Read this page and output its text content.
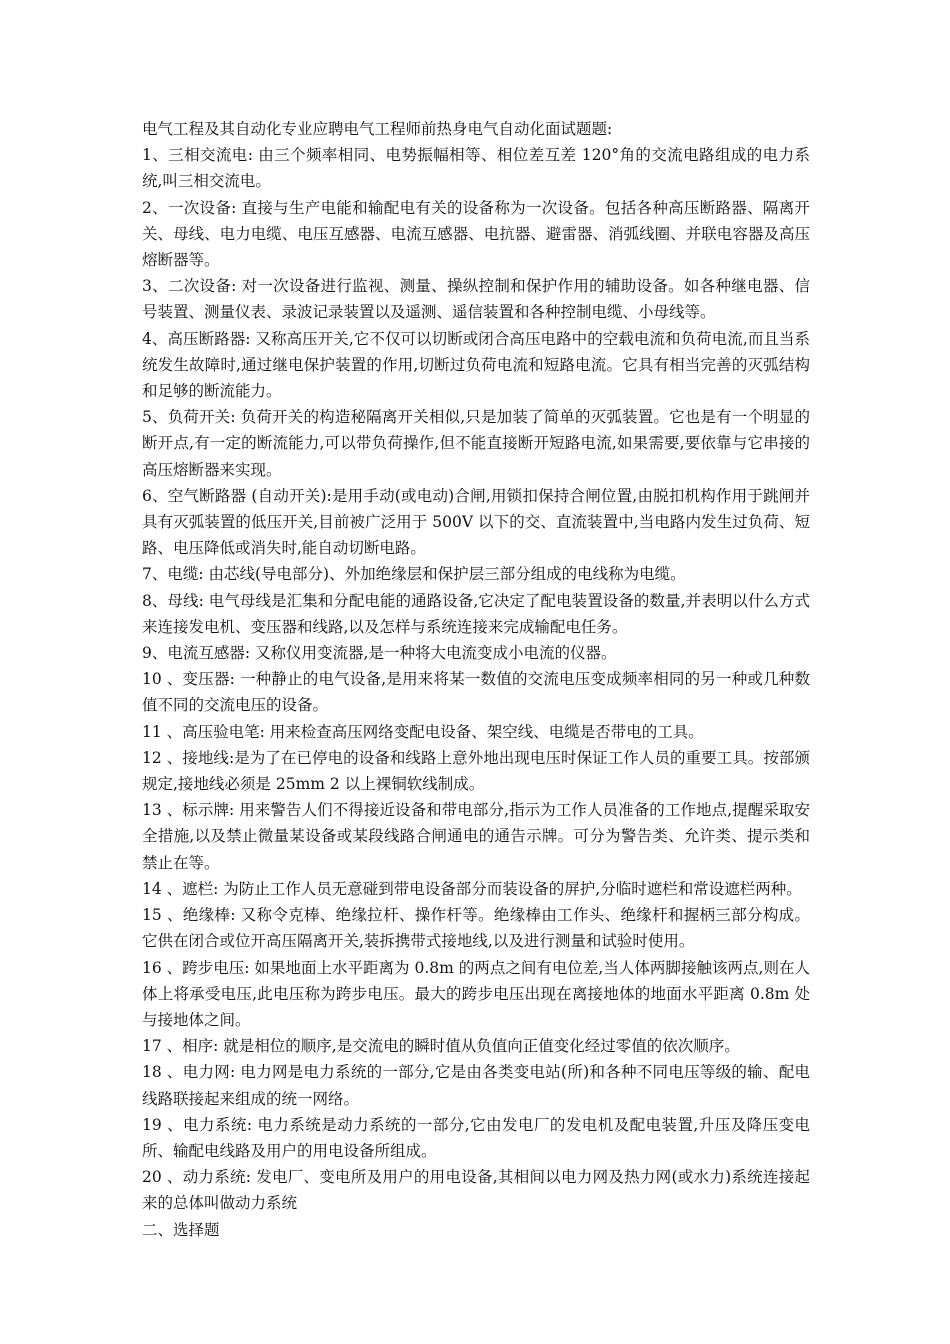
电气工程及其自动化专业应聘电气工程师前热身电气自动化面试题题:

1、三相交流电: 由三个频率相同、电势振幅相等、相位差互差 120°角的交流电路组成的电力系统,叫三相交流电。

2、一次设备: 直接与生产电能和输配电有关的设备称为一次设备。包括各种高压断路器、隔离开关、母线、电力电缆、电压互感器、电流互感器、电抗器、避雷器、消弧线圈、并联电容器及高压熔断器等。

3、二次设备: 对一次设备进行监视、测量、操纵控制和保护作用的辅助设备。如各种继电器、信号装置、测量仪表、录波记录装置以及遥测、遥信装置和各种控制电缆、小母线等。

4、高压断路器: 又称高压开关,它不仅可以切断或闭合高压电路中的空载电流和负荷电流,而且当系统发生故障时,通过继电保护装置的作用,切断过负荷电流和短路电流。它具有相当完善的灭弧结构和足够的断流能力。

5、负荷开关: 负荷开关的构造秘隔离开关相似,只是加装了简单的灭弧装置。它也是有一个明显的断开点,有一定的断流能力,可以带负荷操作,但不能直接断开短路电流,如果需要,要依靠与它串接的高压熔断器来实现。

6、空气断路器 (自动开关):是用手动(或电动)合闸,用锁扣保持合闸位置,由脱扣机构作用于跳闸并具有灭弧装置的低压开关,目前被广泛用于 500V 以下的交、直流装置中,当电路内发生过负荷、短路、电压降低或消失时,能自动切断电路。

7、电缆: 由芯线(导电部分)、外加绝缘层和保护层三部分组成的电线称为电缆。

8、母线: 电气母线是汇集和分配电能的通路设备,它决定了配电装置设备的数量,并表明以什么方式来连接发电机、变压器和线路,以及怎样与系统连接来完成输配电任务。

9、电流互感器: 又称仪用变流器,是一种将大电流变成小电流的仪器。

10 、变压器: 一种静止的电气设备,是用来将某一数值的交流电压变成频率相同的另一种或几种数值不同的交流电压的设备。

11 、高压验电笔: 用来检查高压网络变配电设备、架空线、电缆是否带电的工具。

12 、接地线:是为了在已停电的设备和线路上意外地出现电压时保证工作人员的重要工具。按部颁规定,接地线必须是 25mm 2 以上裸铜软线制成。

13 、标示牌: 用来警告人们不得接近设备和带电部分,指示为工作人员准备的工作地点,提醒采取安全措施,以及禁止微量某设备或某段线路合闸通电的通告示牌。可分为警告类、允许类、提示类和禁止在等。

14 、遮栏: 为防止工作人员无意碰到带电设备部分而装设备的屏护,分临时遮栏和常设遮栏两种。

15 、绝缘棒: 又称令克棒、绝缘拉杆、操作杆等。绝缘棒由工作头、绝缘杆和握柄三部分构成。它供在闭合或位开高压隔离开关,装拆携带式接地线,以及进行测量和试验时使用。

16 、跨步电压: 如果地面上水平距离为 0.8m 的两点之间有电位差,当人体两脚接触该两点,则在人体上将承受电压,此电压称为跨步电压。最大的跨步电压出现在离接地体的地面水平距离 0.8m 处与接地体之间。

17 、相序: 就是相位的顺序,是交流电的瞬时值从负值向正值变化经过零值的依次顺序。

18 、电力网: 电力网是电力系统的一部分,它是由各类变电站(所)和各种不同电压等级的输、配电线路联接起来组成的统一网络。

19 、电力系统: 电力系统是动力系统的一部分,它由发电厂的发电机及配电装置,升压及降压变电所、输配电线路及用户的用电设备所组成。

20 、动力系统: 发电厂、变电所及用户的用电设备,其相间以电力网及热力网(或水力)系统连接起来的总体叫做动力系统

二、选择题
